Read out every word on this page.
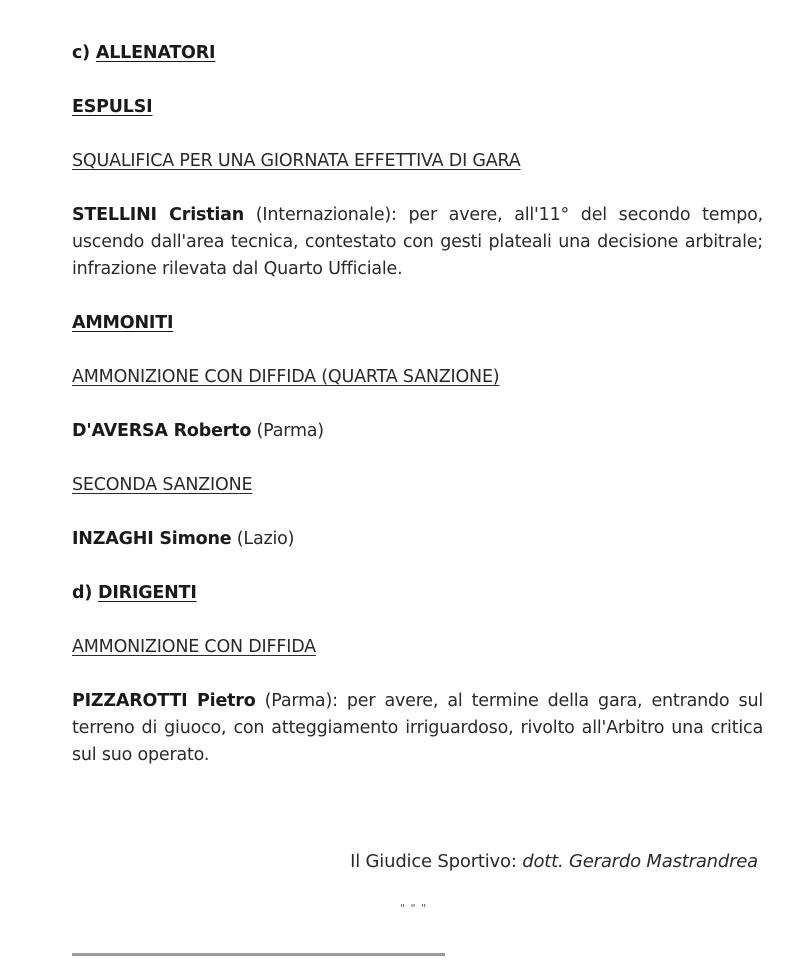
c) ALLENATORI

ESPULSI

SQUALIFICA PER UNA GIORNATA EFFETTIVA DI GARA

STELLINI Cristian (Internazionale): per avere, all'11° del secondo tempo, uscendo dall'area tecnica, contestato con gesti plateali una decisione arbitrale; infrazione rilevata dal Quarto Ufficiale.

AMMONITI

AMMONIZIONE CON DIFFIDA (QUARTA SANZIONE)

D'AVERSA Roberto (Parma)

SECONDA SANZIONE

INZAGHI Simone (Lazio)

d) DIRIGENTI

AMMONIZIONE CON DIFFIDA

PIZZAROTTI Pietro (Parma): per avere, al termine della gara, entrando sul terreno di giuoco, con atteggiamento irriguardoso, rivolto all'Arbitro una critica sul suo operato.

Il Giudice Sportivo: dott. Gerardo Mastrandrea
" " "
